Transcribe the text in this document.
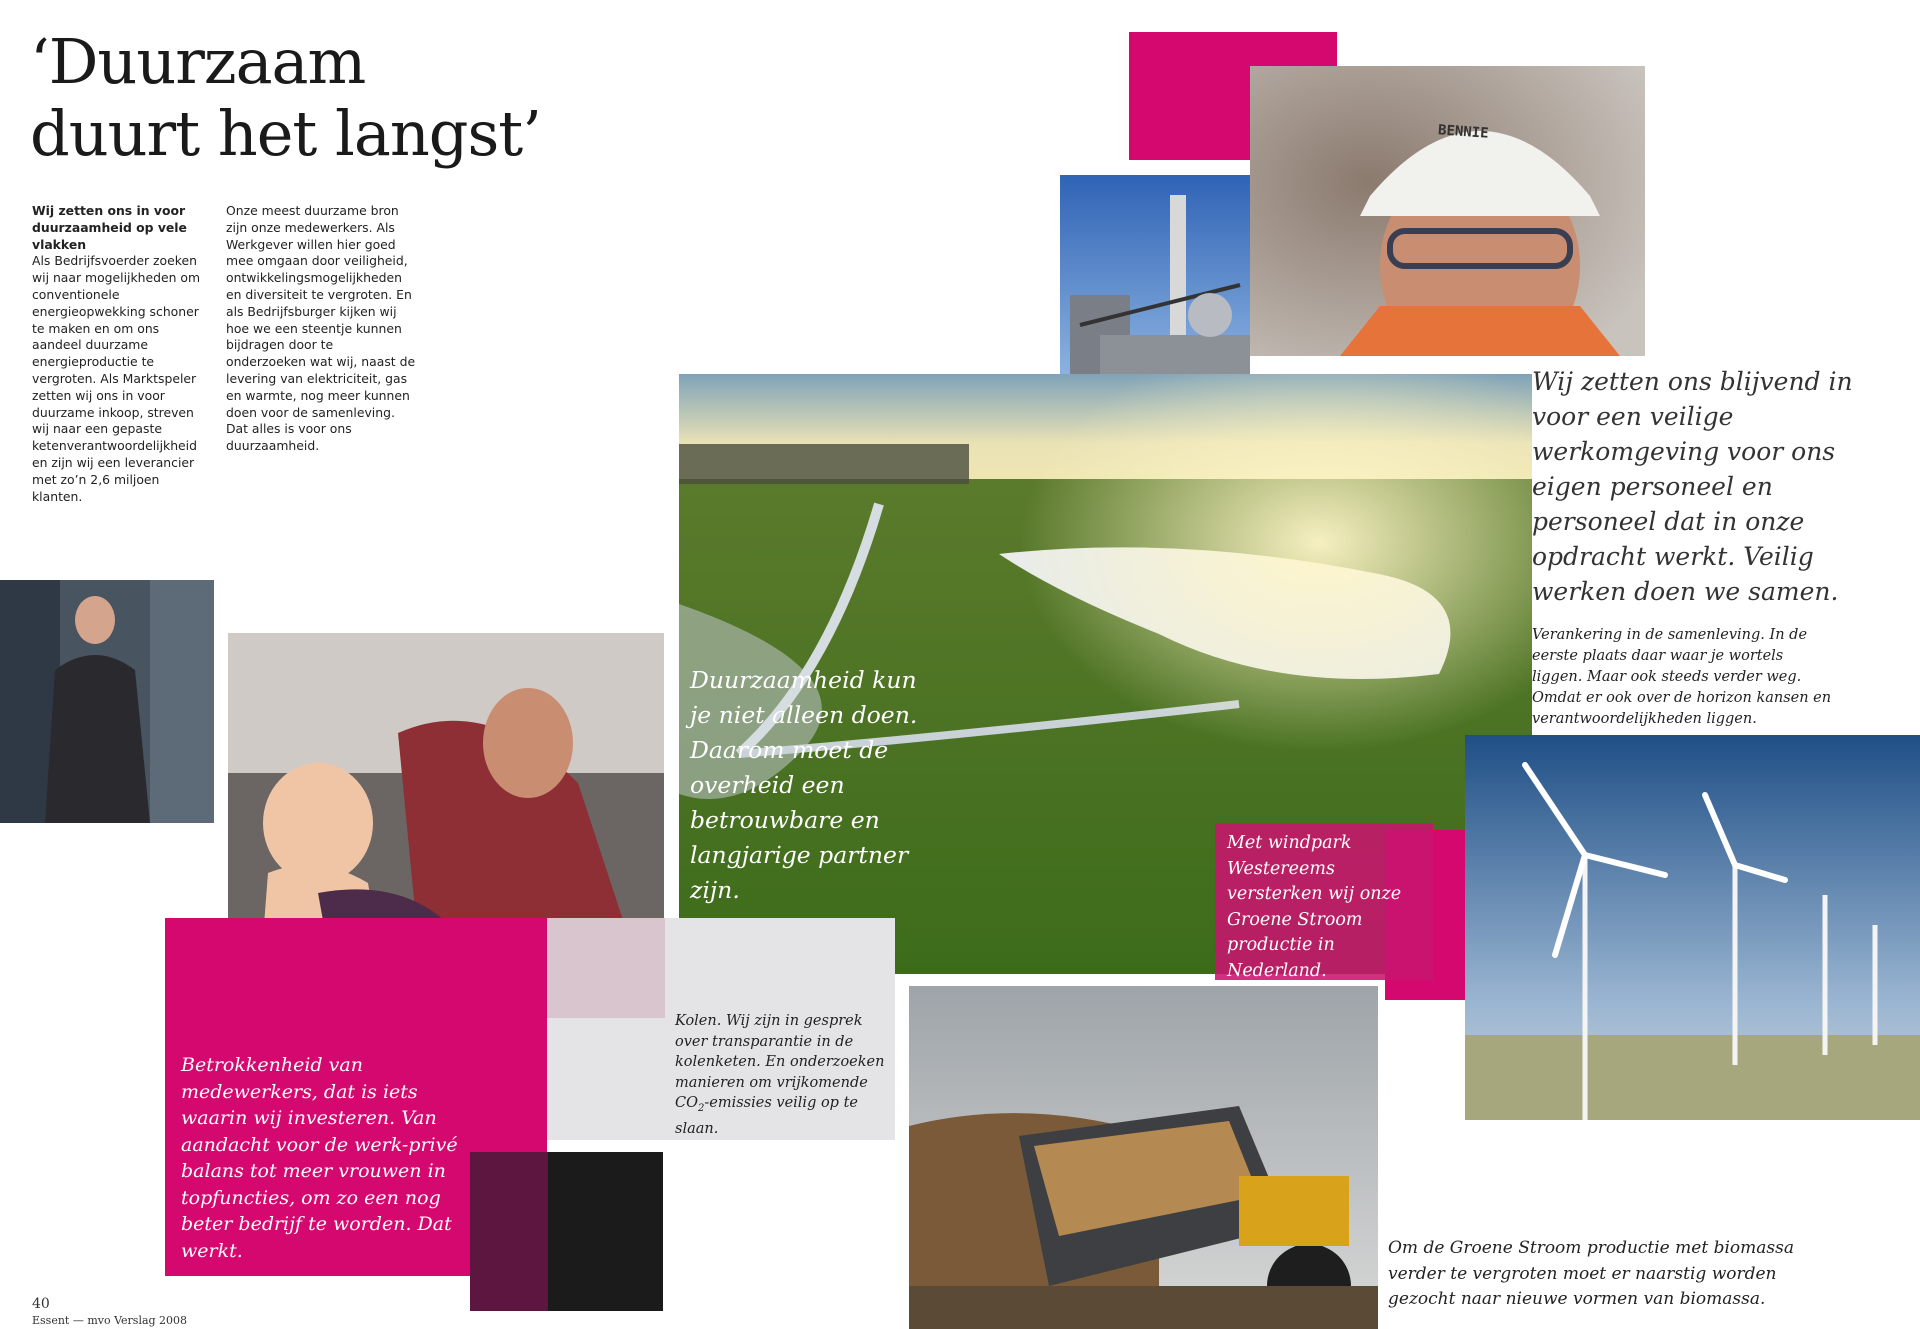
‘Duurzaam
duurt het langst’
Wij zetten ons in voor duurzaamheid op vele vlakken

Als Bedrijfsvoerder zoeken wij naar mogelijkheden om conventionele energieopwekking schoner te maken en om ons aandeel duurzame energieproductie te vergroten. Als Marktspeler zetten wij ons in voor duurzame inkoop, streven wij naar een gepaste ketenverantwoordelijkheid en zijn wij een leverancier met zo’n 2,6 miljoen klanten.

Onze meest duurzame bron zijn onze medewerkers. Als Werkgever willen hier goed mee omgaan door veiligheid, ontwikkelingsmogelijkheden en diversiteit te vergroten. En als Bedrijfsburger kijken wij hoe we een steentje kunnen bijdragen door te onderzoeken wat wij, naast de levering van elektriciteit, gas en warmte, nog meer kunnen doen voor de samenleving. Dat alles is voor ons duurzaamheid.

BENNIE
Wij zetten ons blijvend in voor een veilige werkomgeving voor ons eigen personeel en personeel dat in onze opdracht werkt. Veilig werken doen we samen.
Verankering in de samenleving. In de eerste plaats daar waar je wortels liggen. Maar ook steeds verder weg. Omdat er ook over de horizon kansen en verantwoordelijkheden liggen.
Duurzaamheid kun je niet alleen doen. Daarom moet de overheid een betrouwbare en langjarige partner zijn.
Met windpark Westereems versterken wij onze Groene Stroom productie in Nederland.
Betrokkenheid van medewerkers, dat is iets waarin wij investeren. Van aandacht voor de werk-privé balans tot meer vrouwen in topfuncties, om zo een nog beter bedrijf te worden. Dat werkt.
Kolen. Wij zijn in gesprek over transparantie in de kolenketen. En onderzoeken manieren om vrijkomende $CO_2$-emissies veilig op te slaan.
Om de Groene Stroom productie met biomassa verder te vergroten moet er naarstig worden gezocht naar nieuwe vormen van biomassa.
40
Essent — mvo Verslag 2008
